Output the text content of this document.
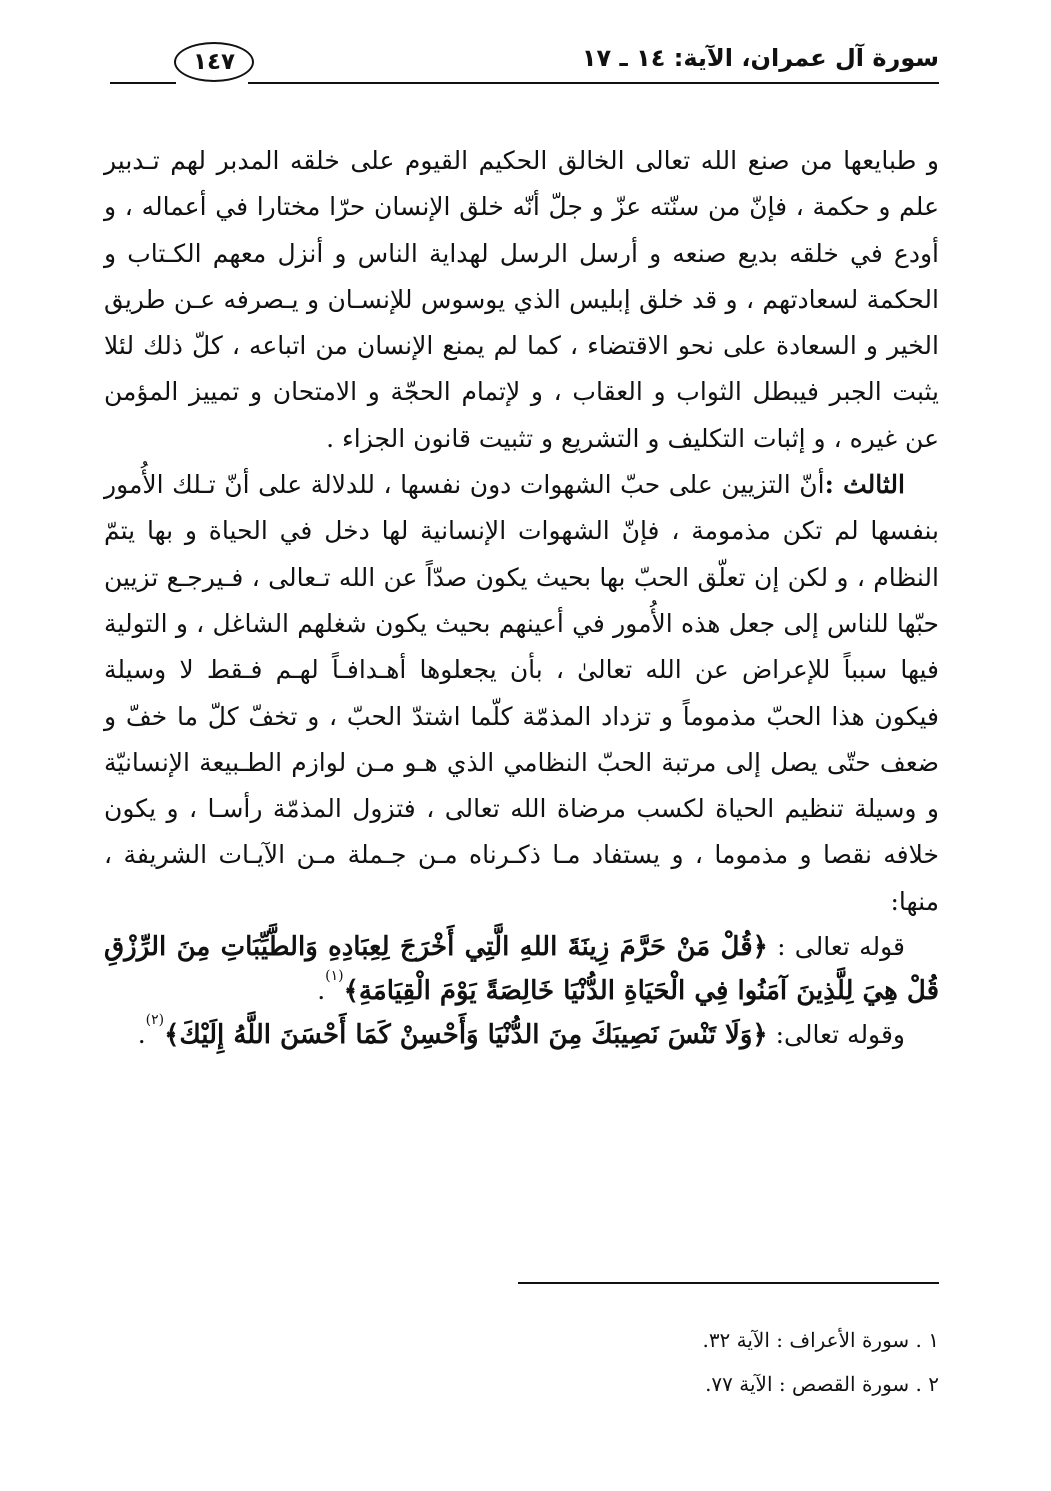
سورة آل عمران، الآية: ١٤ ـ ١٧
١٤٧

و طبايعها من صنع الله تعالى الخالق الحكيم القيوم على خلقه المدبر لهم تـدبير علم و حكمة ، فإنّ من سنّته عزّ و جلّ أنّه خلق الإنسان حرّا مختارا في أعماله ، و أودع في خلقه بديع صنعه و أرسل الرسل لهداية الناس و أنزل معهم الكـتاب و الحكمة لسعادتهم ، و قد خلق إبليس الذي يوسوس للإنسـان و يـصرفه عـن طريق الخير و السعادة على نحو الاقتضاء ، كما لم يمنع الإنسان من اتباعه ، كلّ ذلك لئلا يثبت الجبر فيبطل الثواب و العقاب ، و لإتمام الحجّة و الامتحان و تمييز المؤمن عن غيره ، و إثبات التكليف و التشريع و تثبيت قانون الجزاء .

الثالث :أنّ التزيين على حبّ الشهوات دون نفسها ، للدلالة على أنّ تـلك الأُمور بنفسها لم تكن مذمومة ، فإنّ الشهوات الإنسانية لها دخل في الحياة و بها يتمّ النظام ، و لكن إن تعلّق الحبّ بها بحيث يكون صدّاً عن الله تـعالى ، فـيرجـع تزيين حبّها للناس إلى جعل هذه الأُمور في أعينهم بحيث يكون شغلهم الشاغل ، و التولية فيها سبباً للإعراض عن الله تعالىٰ ، بأن يجعلوها أهـدافـاً لهـم فـقط لا وسيلة فيكون هذا الحبّ مذموماً و تزداد المذمّة كلّما اشتدّ الحبّ ، و تخفّ كلّ ما خفّ و ضعف حتّى يصل إلى مرتبة الحبّ النظامي الذي هـو مـن لوازم الطـبيعة الإنسانيّة و وسيلة تنظيم الحياة لكسب مرضاة الله تعالى ، فتزول المذمّة رأسـا ، و يكون خلافه نقصا و مذموما ، و يستفاد مـا ذكـرناه مـن جـملة مـن الآيـات الشريفة ، منها:

قوله تعالى : ﴿قُلْ مَنْ حَرَّمَ زِينَةَ اللهِ الَّتِي أَخْرَجَ لِعِبَادِهِ وَالطَّيِّبَاتِ مِنَ الرِّزْقِ قُلْ هِيَ لِلَّذِينَ آمَنُوا فِي الْحَيَاةِ الدُّنْيَا خَالِصَةً يَوْمَ الْقِيَامَةِ﴾$^{(١)}$.

وقوله تعالى: ﴿وَلَا تَنْسَ نَصِيبَكَ مِنَ الدُّنْيَا وَأَحْسِنْ كَمَا أَحْسَنَ اللَّهُ إِلَيْكَ﴾$^{(٢)}$.

١ . سورة الأعراف : الآية ٣٢.

٢ . سورة القصص : الآية ٧٧.
